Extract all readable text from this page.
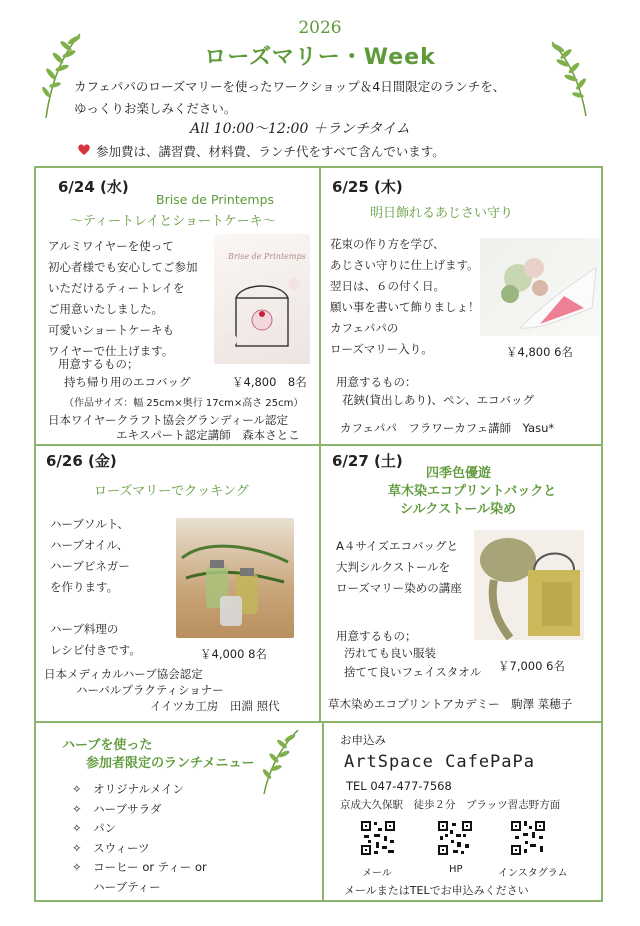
2026
ローズマリー・Week
カフェパパのローズマリーを使ったワークショップ＆4日間限定のランチを、
ゆっくりお楽しみください。
All 10:00〜12:00 ＋ランチタイム
参加費は、講習費、材料費、ランチ代をすべて含んでいます。
6/24 (水)
Brise de Printemps
〜ティートレイとショートケーキ〜
アルミワイヤーを使って
初心者様でも安心してご参加
いただけるティートレイを
ご用意いたしました。
可愛いショートケーキも
ワイヤーで仕上げます。
Brise de Printemps
用意するもの；
持ち帰り用のエコバッグ	￥4,800　8名
（作品サイズ：幅 25cm×奥行 17cm×高さ 25cm）
日本ワイヤークラフト協会グランディール認定
エキスパート認定講師　森本さとこ
6/25 (木)
明日飾れるあじさい守り
花束の作り方を学び、
あじさい守りに仕上げます。
翌日は、６の付く日。
願い事を書いて飾りましょ！
カフェパパの
ローズマリー入り。	￥4,800 6名
用意するもの：
花鋏(貸出しあり)、ペン、エコバッグ
カフェパパ　フラワーカフェ講師　Yasu*
6/26 (金)
ローズマリーでクッキング
ハーブソルト、
ハーブオイル、
ハーブビネガー
を作ります。
ハーブ料理の
レシピ付きです。	￥4,000 8名
日本メディカルハーブ協会認定
ハーバルプラクティショナー
イイツカ工房　田淵 照代
6/27 (土)
四季色優遊
草木染エコプリントバックと
シルクストール染め
A４サイズエコバッグと
大判シルクストールを
ローズマリー染めの講座
用意するもの；
汚れても良い服装
捨てて良いフェイスタオル ￥7,000 6名
草木染めエコプリントアカデミー　駒澤 菜穂子
ハーブを使った
参加者限定のランチメニュー
✧　オリジナルメイン
✧　ハーブサラダ
✧　パン
✧　スウィーツ
✧　コーヒー or ティー or
ハーブティー
お申込み
ArtSpace CafePaPa
TEL 047-477-7568
京成大久保駅　徒歩２分　ブラッツ習志野方面
メール	HP	インスタグラム
メールまたはTELでお申込みください
